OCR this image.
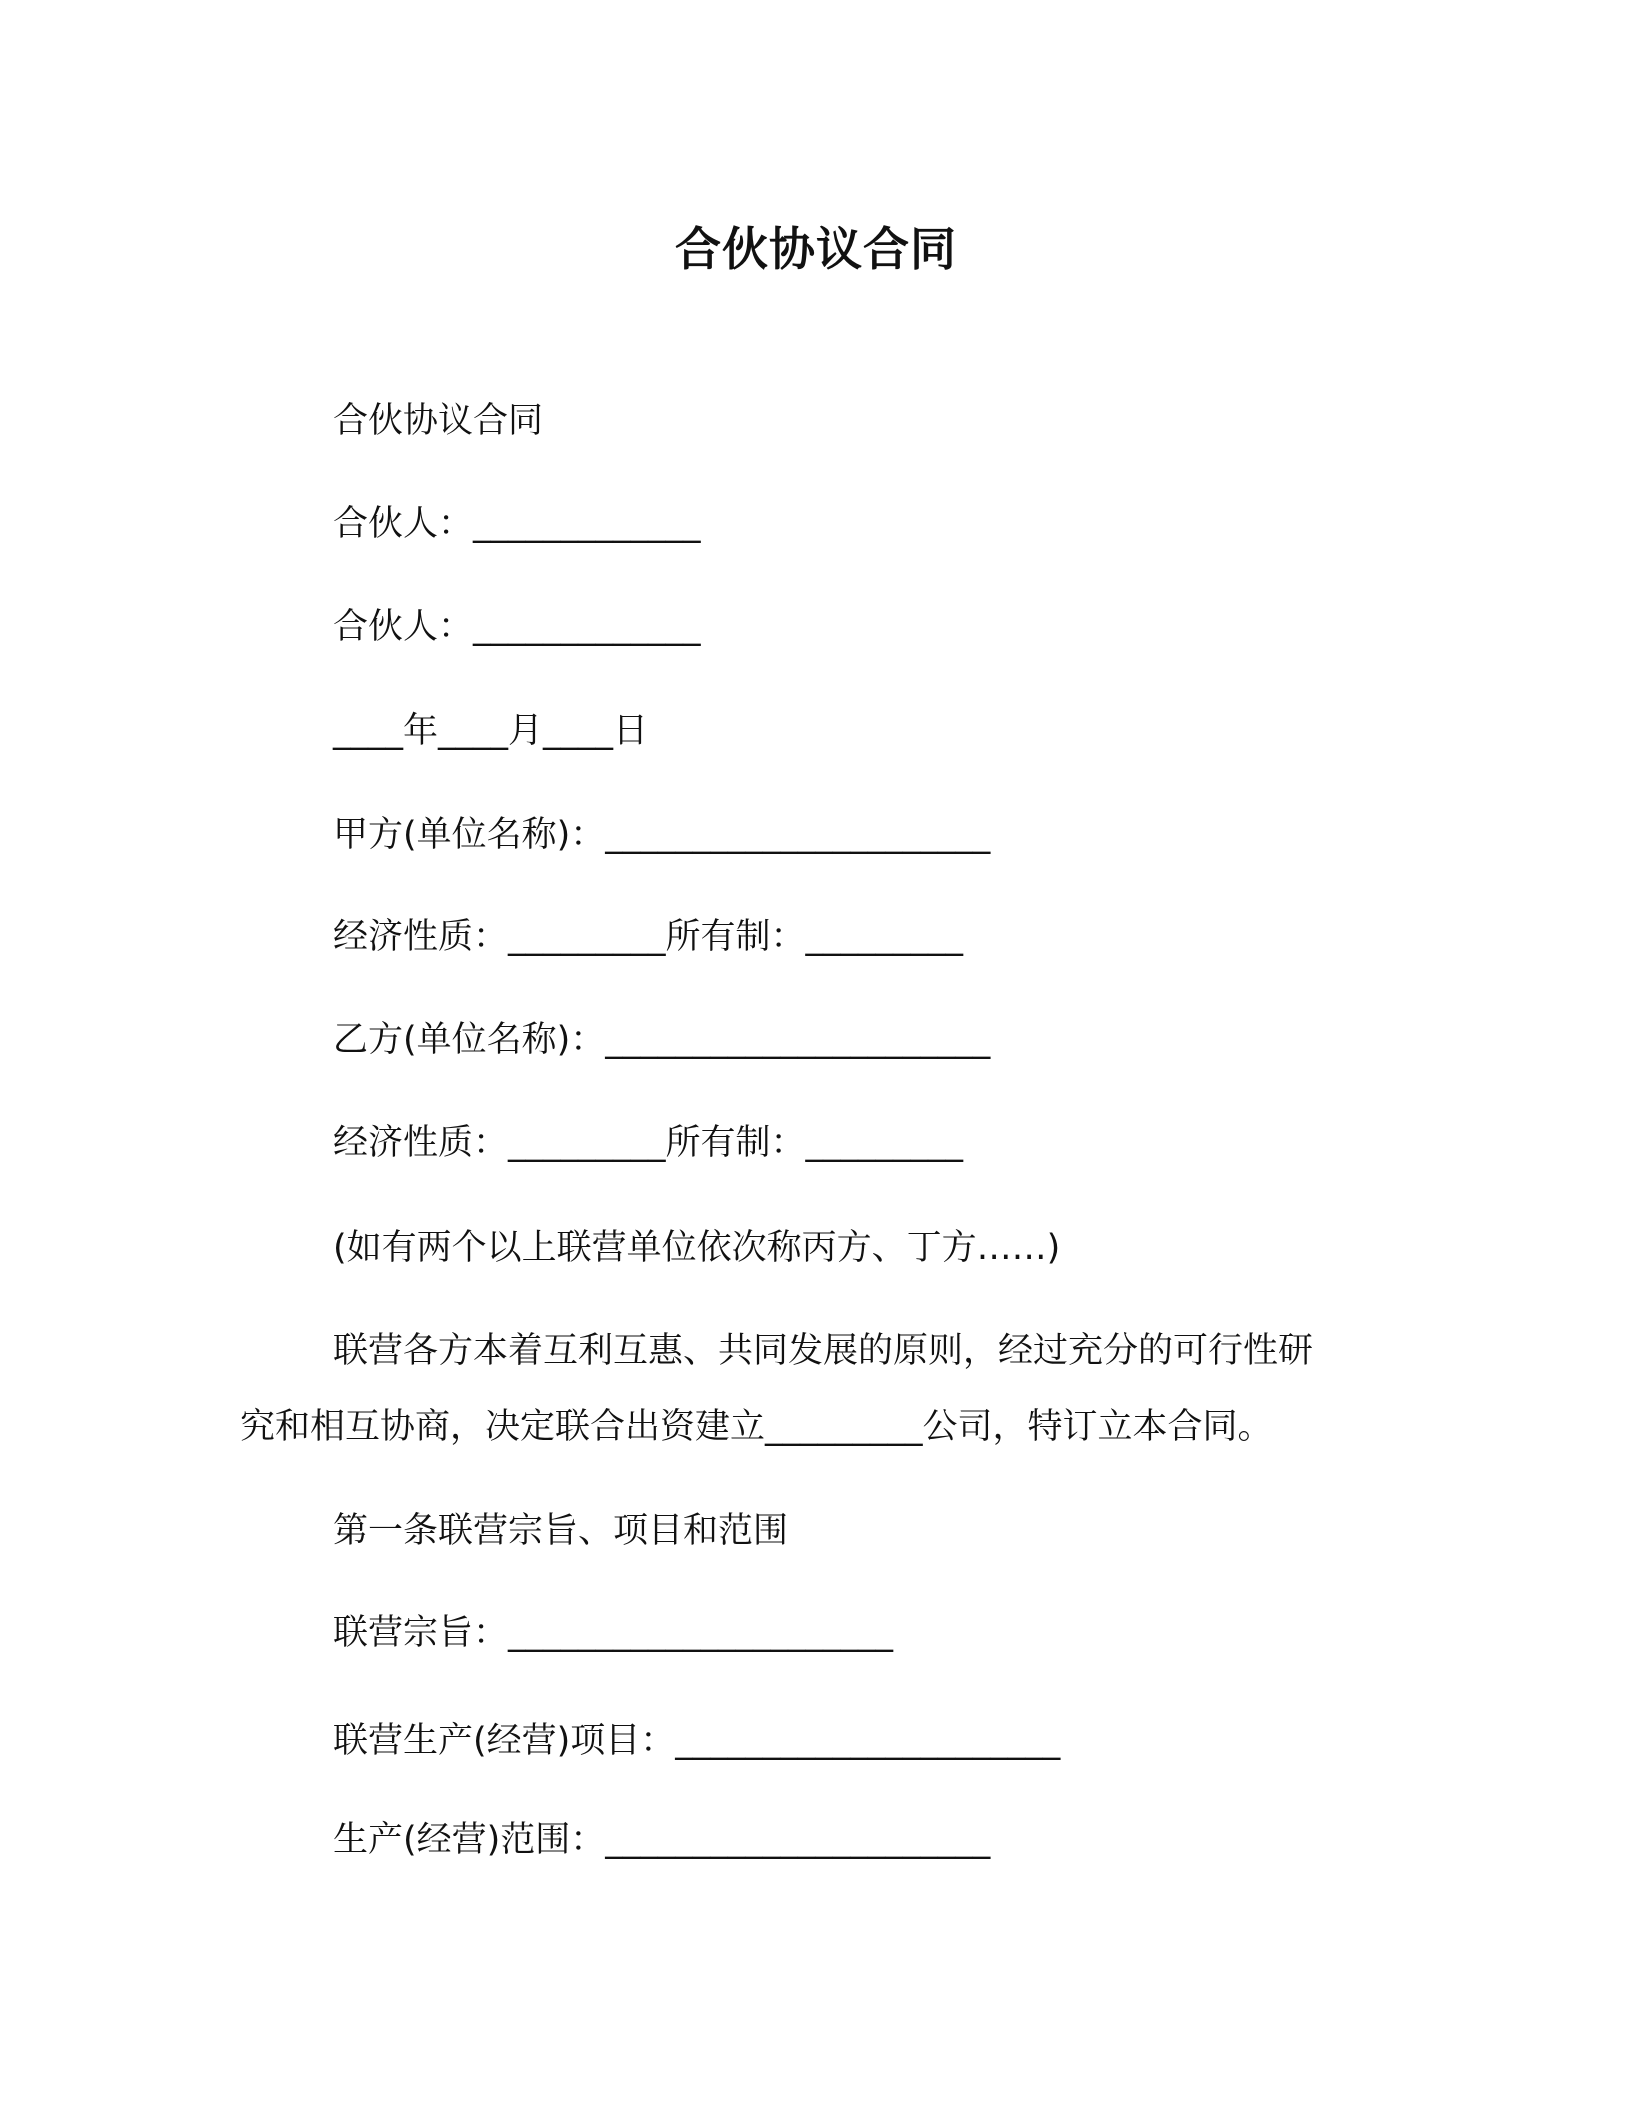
合伙协议合同
合伙协议合同
合伙人：_____________
合伙人：_____________
____年____月____日
甲方(单位名称)：______________________
经济性质：_________所有制：_________
乙方(单位名称)：______________________
经济性质：_________所有制：_________
(如有两个以上联营单位依次称丙方、丁方……)
联营各方本着互利互惠、共同发展的原则，经过充分的可行性研
究和相互协商，决定联合出资建立_________公司，特订立本合同。
第一条联营宗旨、项目和范围
联营宗旨：______________________
联营生产(经营)项目：______________________
生产(经营)范围：______________________
